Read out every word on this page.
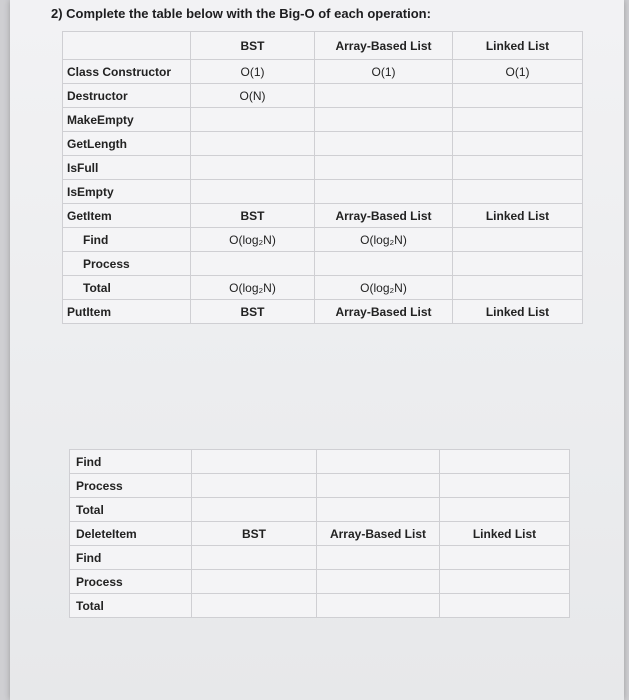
2) Complete the table below with the Big-O of each operation:
	BST	Array-Based List	Linked List
Class Constructor	O(1)	O(1)	O(1)
Destructor	O(N)		
MakeEmpty			
GetLength			
IsFull			
IsEmpty			
GetItem	BST	Array-Based List	Linked List
Find	O(log₂N)	O(log₂N)	
Process			
Total	O(log₂N)	O(log₂N)	
PutItem	BST	Array-Based List	Linked List
Find			
Process			
Total			
DeleteItem	BST	Array-Based List	Linked List
Find			
Process			
Total			
